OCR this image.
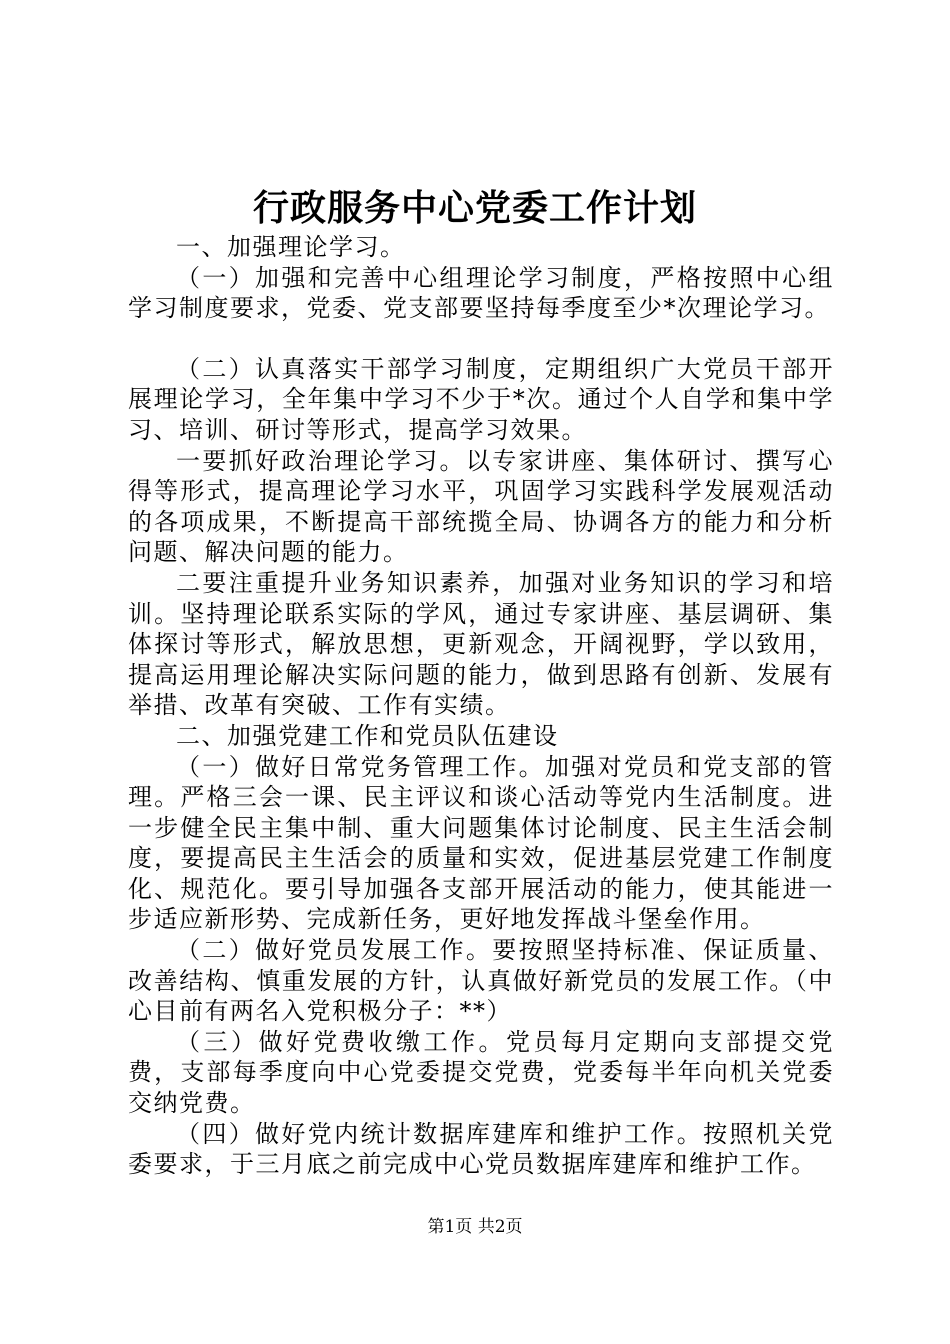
行政服务中心党委工作计划

一、加强理论学习。

（一）加强和完善中心组理论学习制度，严格按照中心组学习制度要求，党委、党支部要坚持每季度至少*次理论学习。

（二）认真落实干部学习制度，定期组织广大党员干部开展理论学习，全年集中学习不少于*次。通过个人自学和集中学习、培训、研讨等形式，提高学习效果。

一要抓好政治理论学习。以专家讲座、集体研讨、撰写心得等形式，提高理论学习水平，巩固学习实践科学发展观活动的各项成果，不断提高干部统揽全局、协调各方的能力和分析问题、解决问题的能力。

二要注重提升业务知识素养，加强对业务知识的学习和培训。坚持理论联系实际的学风，通过专家讲座、基层调研、集体探讨等形式，解放思想，更新观念，开阔视野，学以致用，提高运用理论解决实际问题的能力，做到思路有创新、发展有举措、改革有突破、工作有实绩。

二、加强党建工作和党员队伍建设

（一）做好日常党务管理工作。加强对党员和党支部的管理。严格三会一课、民主评议和谈心活动等党内生活制度。进一步健全民主集中制、重大问题集体讨论制度、民主生活会制度，要提高民主生活会的质量和实效，促进基层党建工作制度化、规范化。要引导加强各支部开展活动的能力，使其能进一步适应新形势、完成新任务，更好地发挥战斗堡垒作用。

（二）做好党员发展工作。要按照坚持标准、保证质量、改善结构、慎重发展的方针，认真做好新党员的发展工作。（中心目前有两名入党积极分子：**）

（三）做好党费收缴工作。党员每月定期向支部提交党费，支部每季度向中心党委提交党费，党委每半年向机关党委交纳党费。

（四）做好党内统计数据库建库和维护工作。按照机关党委要求，于三月底之前完成中心党员数据库建库和维护工作。

第1页 共2页
